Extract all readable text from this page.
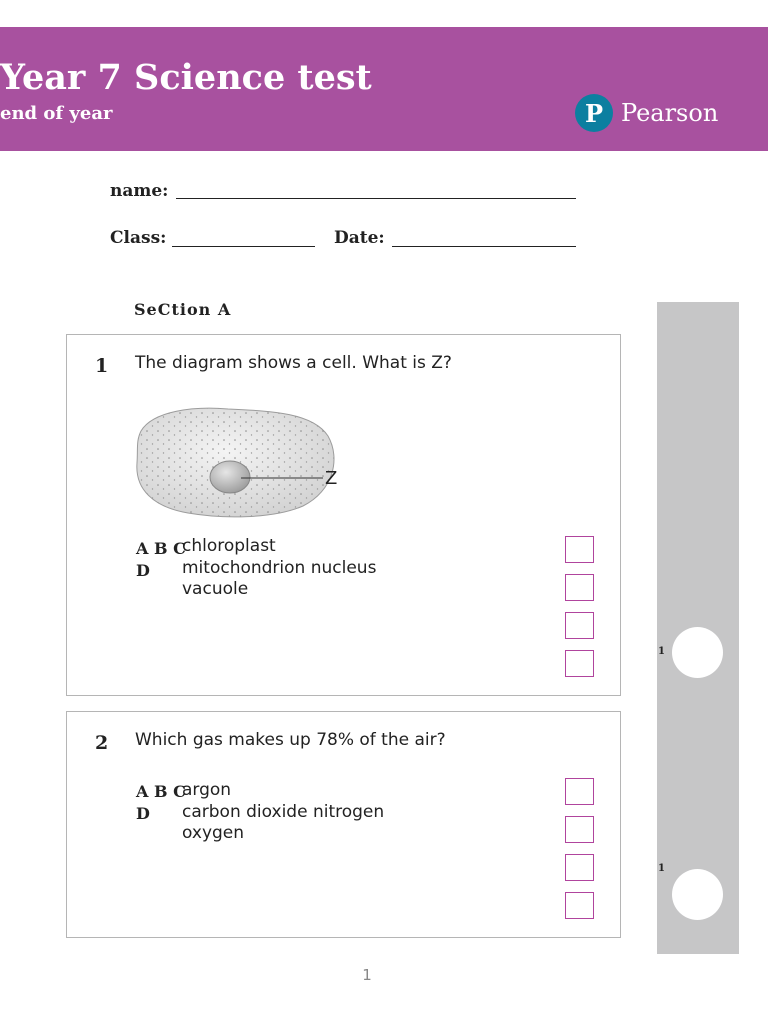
Year 7 Science test
end of year	P Pearson
name:
Class:	Date:
SeCtion A
1 The diagram shows a cell. What is Z?
Z
A B C
D
chloroplast
mitochondrion nucleus
vacuole
2 Which gas makes up 78% of the air?
A B C
D
argon
carbon dioxide nitrogen
oxygen
1
1
1
